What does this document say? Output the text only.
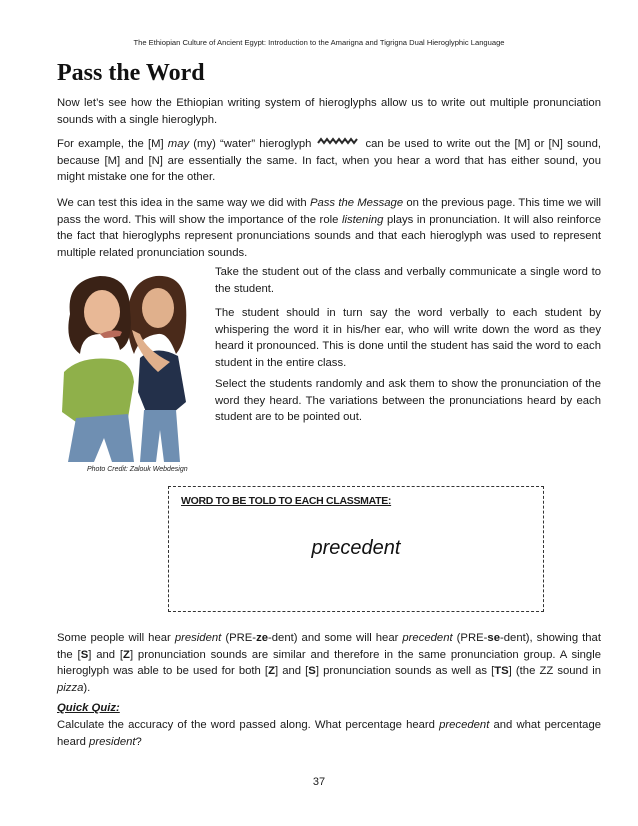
The Ethiopian Culture of Ancient Egypt: Introduction to the Amarigna and Tigrigna Dual Hieroglyphic Language
Pass the Word

Now let’s see how the Ethiopian writing system of hieroglyphs allow us to write out multiple pronunciation sounds with a single hieroglyph.

For example, the [M] may (my) “water” hieroglyph	can be used to write out the [M] or [N] sound, because [M] and [N] are essentially the same. In fact, when you hear a word that has either sound, you might mistake one for the other.

We can test this idea in the same way we did with Pass the Message on the previous page. This time we will pass the word. This will show the importance of the role listening plays in pronunciation. It will also reinforce the fact that hieroglyphs represent pronunciations sounds and that each hieroglyph was used to represent multiple related pronunciation sounds.

Take the student out of the class and verbally communicate a single word to the student.

The student should in turn say the word verbally to each student by whispering the word it in his/her ear, who will write down the word as they heard it pronounced. This is done until the student has said the word to each student in the entire class.

Select the students randomly and ask them to show the pronunciation of the word they heard. The variations between the pronunciations heard by each student are to be pointed out.

Photo Credit: Zalouk Webdesign
WORD TO BE TOLD TO EACH CLASSMATE:
precedent

Some people will hear president (PRE-ze-dent) and some will hear precedent (PRE-se-dent), showing that the [S] and [Z] pronunciation sounds are similar and therefore in the same pronunciation group. A single hieroglyph was able to be used for both [Z] and [S] pronunciation sounds as well as [TS] (the ZZ sound in pizza).

Quick Quiz:

Calculate the accuracy of the word passed along. What percentage heard precedent and what percentage heard president?

37
